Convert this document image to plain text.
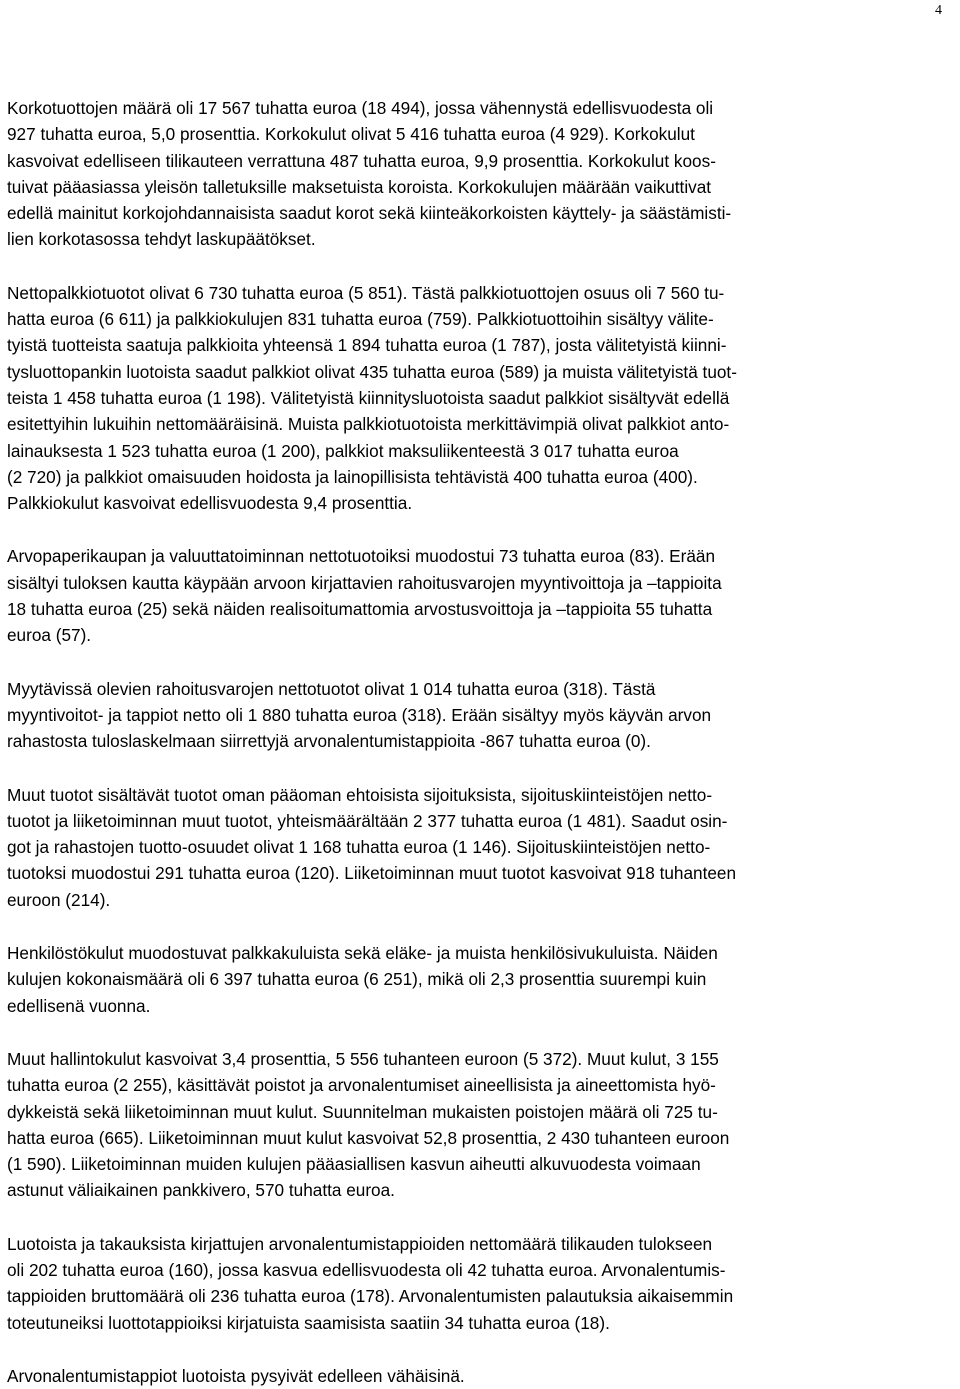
4

Korkotuottojen määrä oli 17 567 tuhatta euroa (18 494), jossa vähennystä edellisvuodesta oli
927 tuhatta euroa, 5,0 prosenttia. Korkokulut olivat 5 416 tuhatta euroa (4 929). Korkokulut
kasvoivat edelliseen tilikauteen verrattuna 487 tuhatta euroa, 9,9 prosenttia. Korkokulut koos-
tuivat pääasiassa yleisön talletuksille maksetuista koroista. Korkokulujen määrään vaikuttivat
edellä mainitut korkojohdannaisista saadut korot sekä kiinteäkorkoisten käyttely- ja säästämisti-
lien korkotasossa tehdyt laskupäätökset.

Nettopalkkiotuotot olivat 6 730 tuhatta euroa (5 851). Tästä palkkiotuottojen osuus oli 7 560 tu-
hatta euroa (6 611) ja palkkiokulujen 831 tuhatta euroa (759). Palkkiotuottoihin sisältyy välite-
tyistä tuotteista saatuja palkkioita yhteensä 1 894 tuhatta euroa (1 787), josta välitetyistä kiinni-
tysluottopankin luotoista saadut palkkiot olivat 435 tuhatta euroa (589) ja muista välitetyistä tuot-
teista 1 458 tuhatta euroa (1 198). Välitetyistä kiinnitysluotoista saadut palkkiot sisältyvät edellä
esitettyihin lukuihin nettomääräisinä. Muista palkkiotuotoista merkittävimpiä olivat palkkiot anto-
lainauksesta 1 523 tuhatta euroa (1 200), palkkiot maksuliikenteestä 3 017 tuhatta euroa
(2 720) ja palkkiot omaisuuden hoidosta ja lainopillisista tehtävistä 400 tuhatta euroa (400).
Palkkiokulut kasvoivat edellisvuodesta 9,4 prosenttia.

Arvopaperikaupan ja valuuttatoiminnan nettotuotoiksi muodostui 73 tuhatta euroa (83). Erään
sisältyi tuloksen kautta käypään arvoon kirjattavien rahoitusvarojen myyntivoittoja ja –tappioita
18 tuhatta euroa (25) sekä näiden realisoitumattomia arvostusvoittoja ja –tappioita 55 tuhatta
euroa (57).

Myytävissä olevien rahoitusvarojen nettotuotot olivat 1 014 tuhatta euroa (318). Tästä
myyntivoitot- ja tappiot netto oli 1 880 tuhatta euroa (318). Erään sisältyy myös käyvän arvon
rahastosta tuloslaskelmaan siirrettyjä arvonalentumistappioita -867 tuhatta euroa (0).

Muut tuotot sisältävät tuotot oman pääoman ehtoisista sijoituksista, sijoituskiinteistöjen netto-
tuotot ja liiketoiminnan muut tuotot, yhteismäärältään 2 377 tuhatta euroa (1 481). Saadut osin-
got ja rahastojen tuotto-osuudet olivat 1 168 tuhatta euroa (1 146). Sijoituskiinteistöjen netto-
tuotoksi muodostui 291 tuhatta euroa (120). Liiketoiminnan muut tuotot kasvoivat 918 tuhanteen
euroon (214).

Henkilöstökulut muodostuvat palkkakuluista sekä eläke- ja muista henkilösivukuluista. Näiden
kulujen kokonaismäärä oli 6 397 tuhatta euroa (6 251), mikä oli 2,3 prosenttia suurempi kuin
edellisenä vuonna.

Muut hallintokulut kasvoivat 3,4 prosenttia, 5 556 tuhanteen euroon (5 372). Muut kulut, 3 155
tuhatta euroa (2 255), käsittävät poistot ja arvonalentumiset aineellisista ja aineettomista hyö-
dykkeistä sekä liiketoiminnan muut kulut. Suunnitelman mukaisten poistojen määrä oli 725 tu-
hatta euroa (665). Liiketoiminnan muut kulut kasvoivat 52,8 prosenttia, 2 430 tuhanteen euroon
(1 590). Liiketoiminnan muiden kulujen pääasiallisen kasvun aiheutti alkuvuodesta voimaan
astunut väliaikainen pankkivero, 570 tuhatta euroa.

Luotoista ja takauksista kirjattujen arvonalentumistappioiden nettomäärä tilikauden tulokseen
oli 202 tuhatta euroa (160), jossa kasvua edellisvuodesta oli 42 tuhatta euroa. Arvonalentumis-
tappioiden bruttomäärä oli 236 tuhatta euroa (178). Arvonalentumisten palautuksia aikaisemmin
toteutuneiksi luottotappioiksi kirjatuista saamisista saatiin 34 tuhatta euroa (18).

Arvonalentumistappiot luotoista pysyivät edelleen vähäisinä.
